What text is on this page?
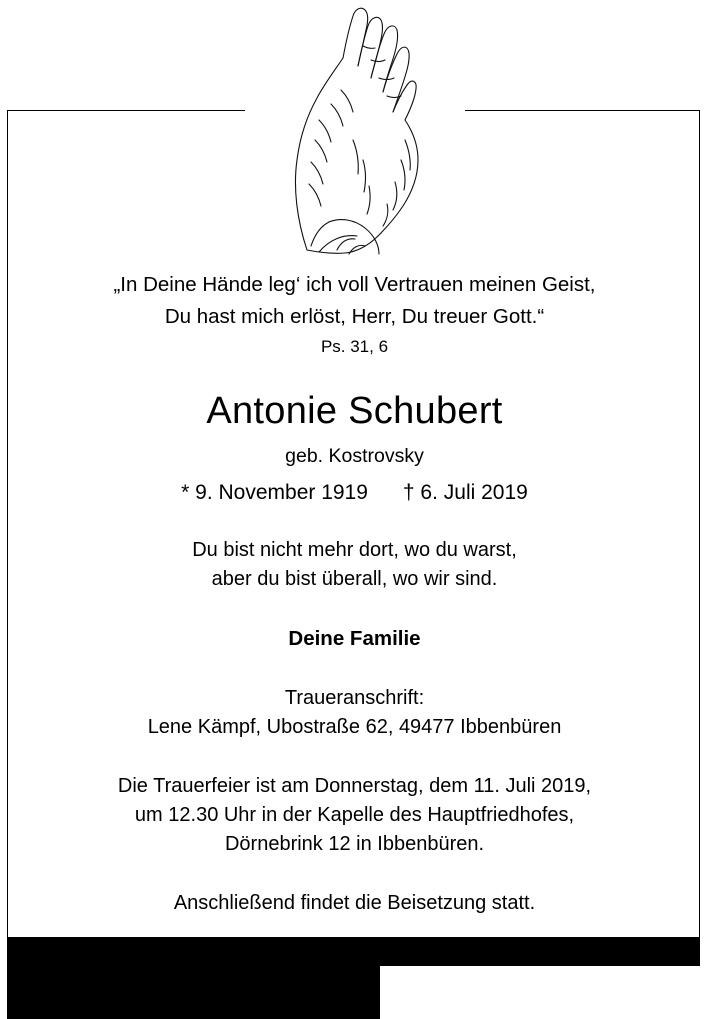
„In Deine Hände leg‘ ich voll Vertrauen meinen Geist,

Du hast mich erlöst, Herr, Du treuer Gott.“

Ps. 31, 6

Antonie Schubert

geb. Kostrovsky

* 9. November 1919      † 6. Juli 2019

Du bist nicht mehr dort, wo du warst,

aber du bist überall, wo wir sind.

Deine Familie

Traueranschrift:

Lene Kämpf, Ubostraße 62, 49477 Ibbenbüren

Die Trauerfeier ist am Donnerstag, dem 11. Juli 2019,

um 12.30 Uhr in der Kapelle des Hauptfriedhofes,

Dörnebrink 12 in Ibbenbüren.

Anschließend findet die Beisetzung statt.
